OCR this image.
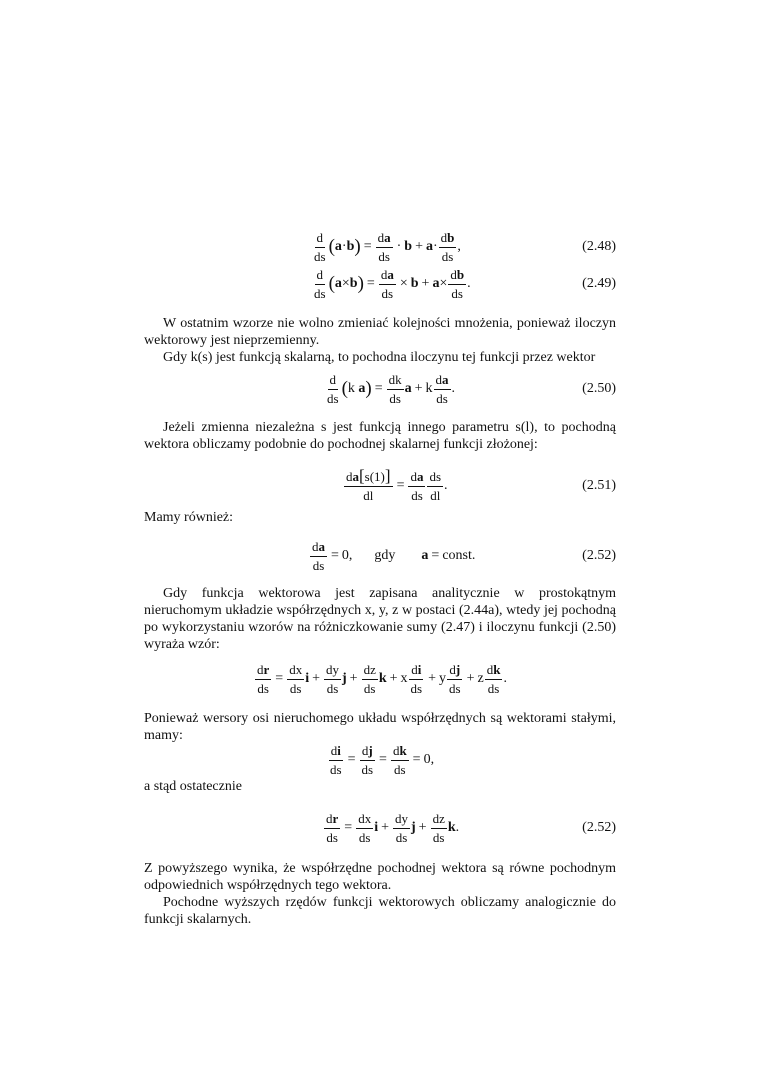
$\frac{d}{ds}$ ( a · b ) = $\frac{da}{ds} \cdot b + a \cdot \frac{db}{ds}$ ,	(2.48)
$\frac{d}{ds}$ ( a × b ) = $\frac{da}{ds} \times b + a \times \frac{db}{ds}$ .	(2.49)

W ostatnim wzorze nie wolno zmieniać kolejności mnożenia, ponieważ iloczyn wektorowy jest nieprzemienny.

Gdy k(s) jest funkcją skalarną, to pochodna iloczynu tej funkcji przez wektor

$\frac{d}{ds}$ ( k
a ) = $\frac{dk}{ds}$ a + k $\frac{da}{ds}$ .	(2.50)

Jeżeli zmienna niezależna s jest funkcją innego parametru s(l), to pochodną wektora obliczamy podobnie do pochodnej skalarnej funkcji złożonej:

$\frac{da[s(1)]}{dl} = \frac{da}{ds} \frac{ds}{dl}$ .	(2.51)

Mamy również:

$\frac{da}{ds} = 0$, gdy a = const.	(2.52)

Gdy funkcja wektorowa jest zapisana analitycznie w prostokątnym nieruchomym układzie współrzędnych x, y, z w postaci (2.44a), wtedy jej pochodną po wykorzystaniu wzorów na różniczkowanie sumy (2.47) i iloczynu funkcji (2.50) wyraża wzór:

$\frac{dr}{ds} = \frac{dx}{ds}$ $i + \frac{dy}{ds}$ $j + \frac{dz}{ds}$ k + x $\frac{di}{ds} + y \frac{dj}{ds} + z \frac{dk}{ds}$ .

Ponieważ wersory osi nieruchomego układu współrzędnych są wektorami stałymi, mamy:

$\frac{di}{ds} = \frac{dj}{ds} = \frac{dk}{ds} = 0$,

a stąd ostatecznie

$\frac{dr}{ds} = \frac{dx}{ds}$ $i + \frac{dy}{ds}$ $j + \frac{dz}{ds}$ k .	(2.52)

Z powyższego wynika, że współrzędne pochodnej wektora są równe pochodnym odpowiednich współrzędnych tego wektora.

Pochodne wyższych rzędów funkcji wektorowych obliczamy analogicznie do funkcji skalarnych.
